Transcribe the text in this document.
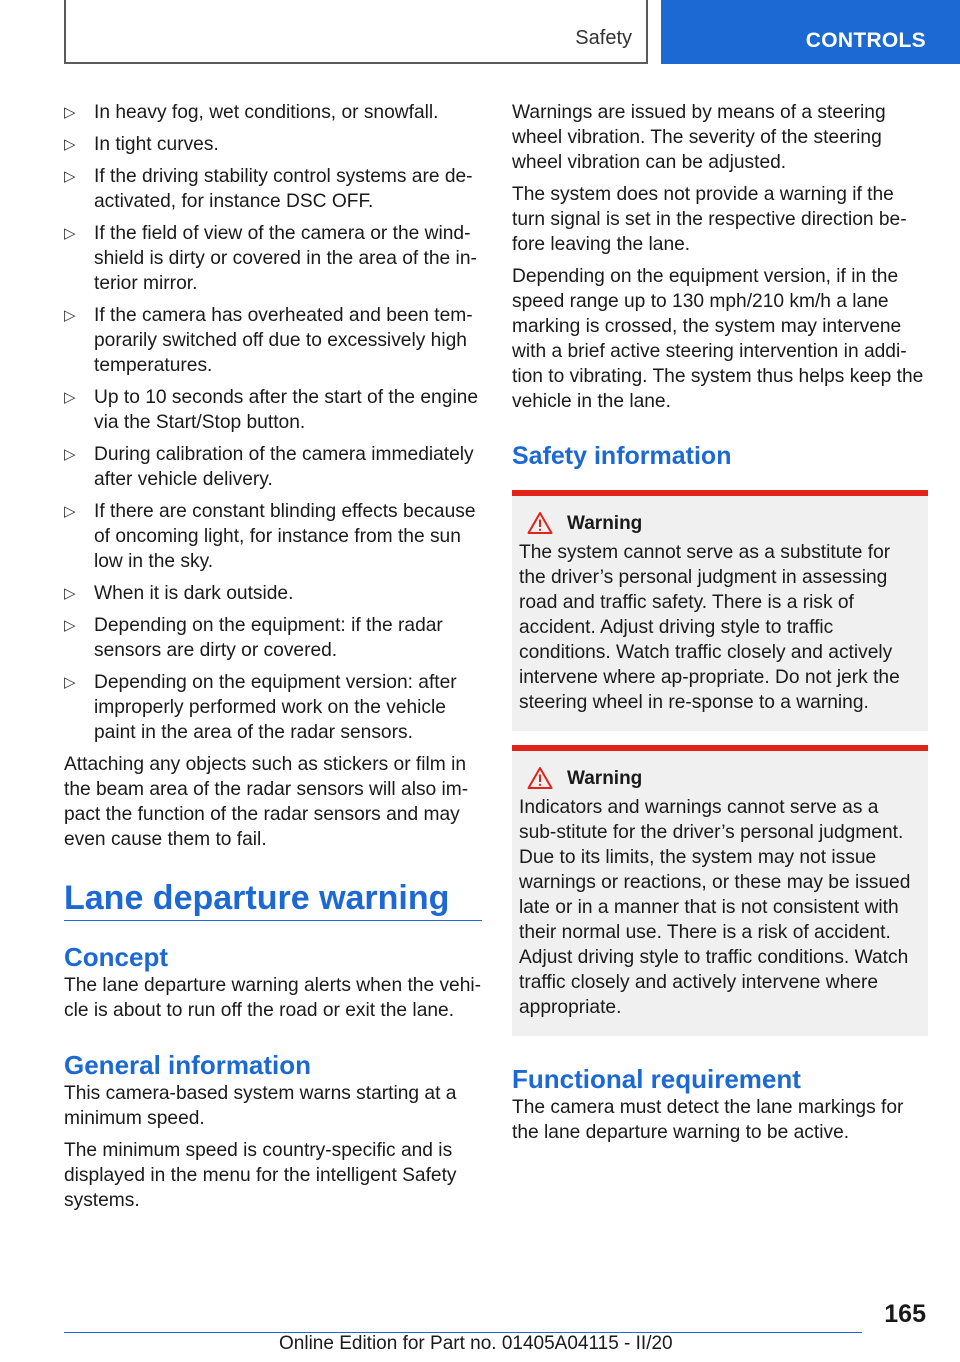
Safety	CONTROLS
▷ In heavy fog, wet conditions, or snowfall.
▷ In tight curves.
▷ If the driving stability control systems are de-activated, for instance DSC OFF.
▷ If the field of view of the camera or the wind-shield is dirty or covered in the area of the in-terior mirror.
▷ If the camera has overheated and been tem-porarily switched off due to excessively high temperatures.
▷ Up to 10 seconds after the start of the engine via the Start/Stop button.
▷ During calibration of the camera immediately after vehicle delivery.
▷ If there are constant blinding effects because of oncoming light, for instance from the sun low in the sky.
▷ When it is dark outside.
▷ Depending on the equipment: if the radar sensors are dirty or covered.
▷ Depending on the equipment version: after improperly performed work on the vehicle paint in the area of the radar sensors.

Attaching any objects such as stickers or film in the beam area of the radar sensors will also im-pact the function of the radar sensors and may even cause them to fail.

Lane departure warning
Concept

The lane departure warning alerts when the vehi-cle is about to run off the road or exit the lane.

General information

This camera-based system warns starting at a minimum speed.

The minimum speed is country-specific and is displayed in the menu for the intelligent Safety systems.

Warnings are issued by means of a steering wheel vibration. The severity of the steering wheel vibration can be adjusted.

The system does not provide a warning if the turn signal is set in the respective direction be-fore leaving the lane.

Depending on the equipment version, if in the speed range up to 130 mph/210 km/h a lane marking is crossed, the system may intervene with a brief active steering intervention in addi-tion to vibrating. The system thus helps keep the vehicle in the lane.

Safety information
Warning

The system cannot serve as a substitute for the driver’s personal judgment in assessing road and traffic safety. There is a risk of accident. Adjust driving style to traffic conditions. Watch traffic closely and actively intervene where ap-propriate. Do not jerk the steering wheel in re-sponse to a warning.

Warning

Indicators and warnings cannot serve as a sub-stitute for the driver’s personal judgment. Due to its limits, the system may not issue warnings or reactions, or these may be issued late or in a manner that is not consistent with their normal use. There is a risk of accident. Adjust driving style to traffic conditions. Watch traffic closely and actively intervene where appropriate.

Functional requirement

The camera must detect the lane markings for the lane departure warning to be active.

165
Online Edition for Part no. 01405A04115 - II/20
